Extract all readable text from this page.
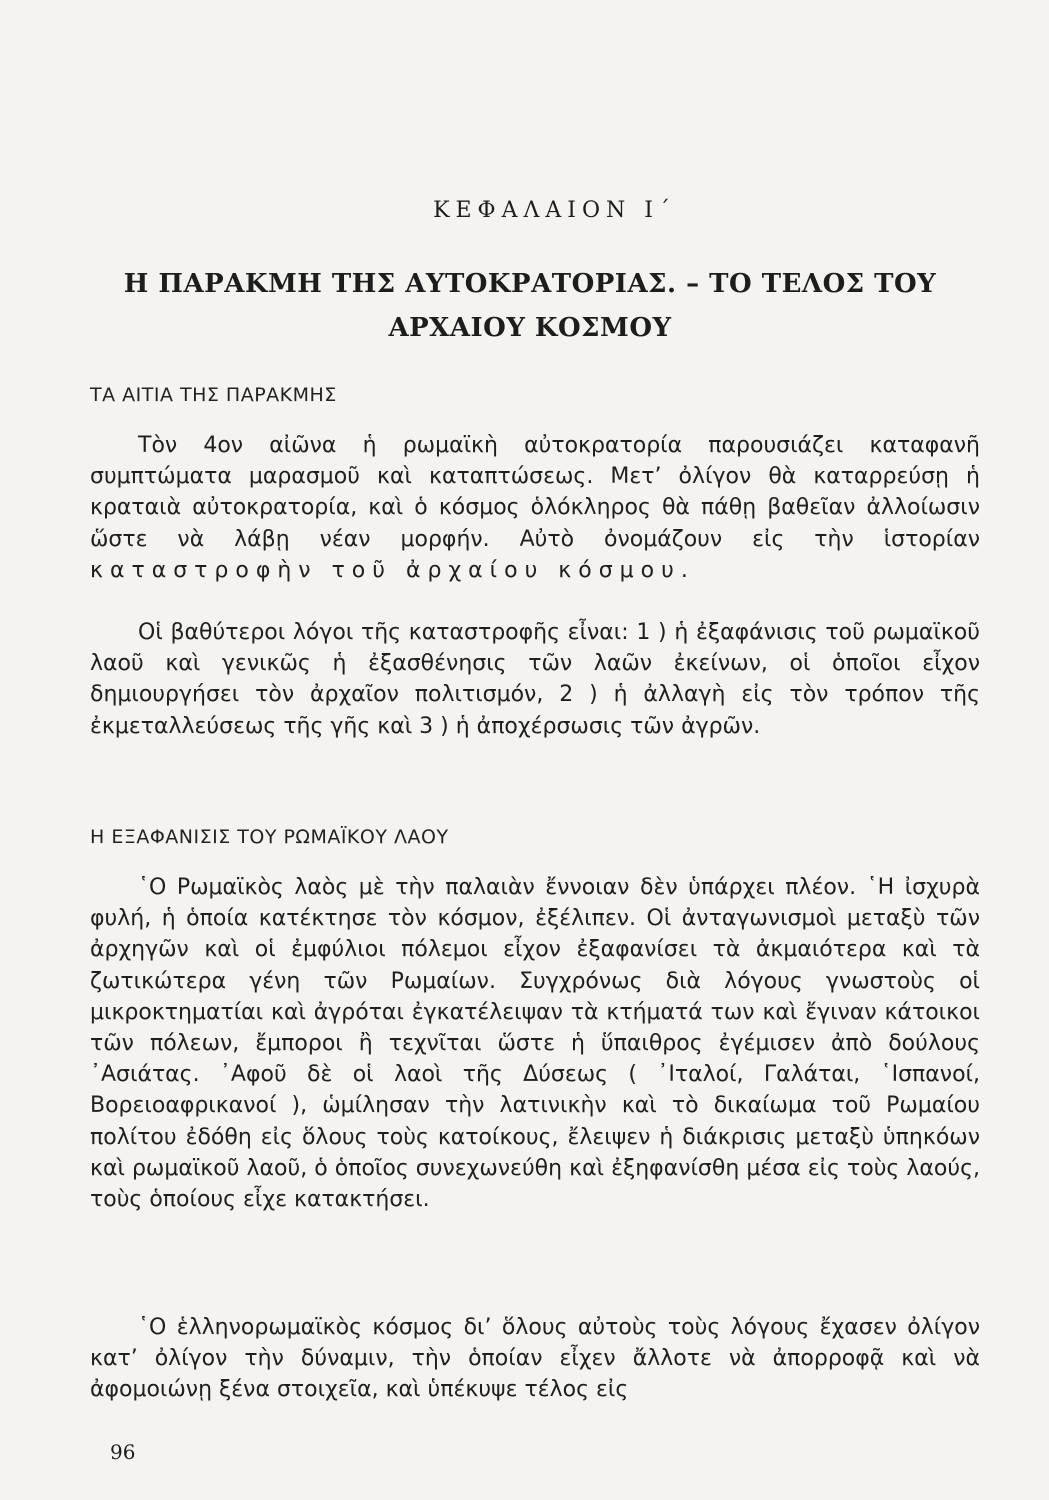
ΚΕΦΑΛΑΙΟΝ Ι΄
Η ΠΑΡΑΚΜΗ ΤΗΣ ΑΥΤΟΚΡΑΤΟΡΙΑΣ. – ΤΟ ΤΕΛΟΣ ΤΟΥ ΑΡΧΑΙΟΥ ΚΟΣΜΟΥ
ΤΑ ΑΙΤΙΑ ΤΗΣ ΠΑΡΑΚΜΗΣ

Τὸν 4ον αἰῶνα ἡ ρωμαϊκὴ αὐτοκρατορία παρουσιάζει καταφανῆ συμπτώματα μαρασμοῦ καὶ καταπτώσεως. Μετ’ ὀλίγον θὰ καταρρεύσῃ ἡ κραταιὰ αὐτοκρατορία, καὶ ὁ κόσμος ὁλόκληρος θὰ πάθῃ βαθεῖαν ἀλλοίωσιν ὥστε νὰ λάβῃ νέαν μορφήν. Αὐτὸ ὀνομάζουν εἰς τὴν ἱστορίαν καταστροφὴν τοῦ ἀρχαίου κόσμου.

Οἱ βαθύτεροι λόγοι τῆς καταστροφῆς εἶναι: 1 ) ἡ ἐξαφάνισις τοῦ ρωμαϊκοῦ λαοῦ καὶ γενικῶς ἡ ἐξασθένησις τῶν λαῶν ἐκείνων, οἱ ὁποῖοι εἶχον δημιουργήσει τὸν ἀρχαῖον πολιτισμόν, 2 ) ἡ ἀλλαγὴ εἰς τὸν τρόπον τῆς ἐκμεταλλεύσεως τῆς γῆς καὶ 3 ) ἡ ἀποχέρσωσις τῶν ἀγρῶν.

Η ΕΞΑΦΑΝΙΣΙΣ ΤΟΥ ΡΩΜΑΪΚΟΥ ΛΑΟΥ

῾Ο Ρωμαϊκὸς λαὸς μὲ τὴν παλαιὰν ἔννοιαν δὲν ὑπάρχει πλέον. ῾Η ἰσχυρὰ φυλή, ἡ ὁποία κατέκτησε τὸν κόσμον, ἐξέλιπεν. Οἱ ἀνταγωνισμοὶ μεταξὺ τῶν ἀρχηγῶν καὶ οἱ ἐμφύλιοι πόλεμοι εἶχον ἐξαφανίσει τὰ ἀκμαιότερα καὶ τὰ ζωτικώτερα γένη τῶν Ρωμαίων. Συγχρόνως διὰ λόγους γνωστοὺς οἱ μικροκτηματίαι καὶ ἀγρόται ἐγκατέλειψαν τὰ κτήματά των καὶ ἔγιναν κάτοικοι τῶν πόλεων, ἔμποροι ἢ τεχνῖται ὥστε ἡ ὕπαιθρος ἐγέμισεν ἀπὸ δούλους ᾿Ασιάτας. ᾿Αφοῦ δὲ οἱ λαοὶ τῆς Δύσεως ( ᾿Ιταλοί, Γαλάται, ῾Ισπανοί, Βορειοαφρικανοί ), ὡμίλησαν τὴν λατινικὴν καὶ τὸ δικαίωμα τοῦ Ρωμαίου πολίτου ἐδόθη εἰς ὅλους τοὺς κατοίκους, ἔλειψεν ἡ διάκρισις μεταξὺ ὑπηκόων καὶ ρωμαϊκοῦ λαοῦ, ὁ ὁποῖος συνεχωνεύθη καὶ ἐξηφανίσθη μέσα εἰς τοὺς λαούς, τοὺς ὁποίους εἶχε κατακτήσει.

῾Ο ἑλληνορωμαϊκὸς κόσμος δι’ ὅλους αὐτοὺς τοὺς λόγους ἔχασεν ὀλίγον κατ’ ὀλίγον τὴν δύναμιν, τὴν ὁποίαν εἶχεν ἄλλοτε νὰ ἀπορροφᾷ καὶ νὰ ἀφομοιώνῃ ξένα στοιχεῖα, καὶ ὑπέκυψε τέλος εἰς

96
